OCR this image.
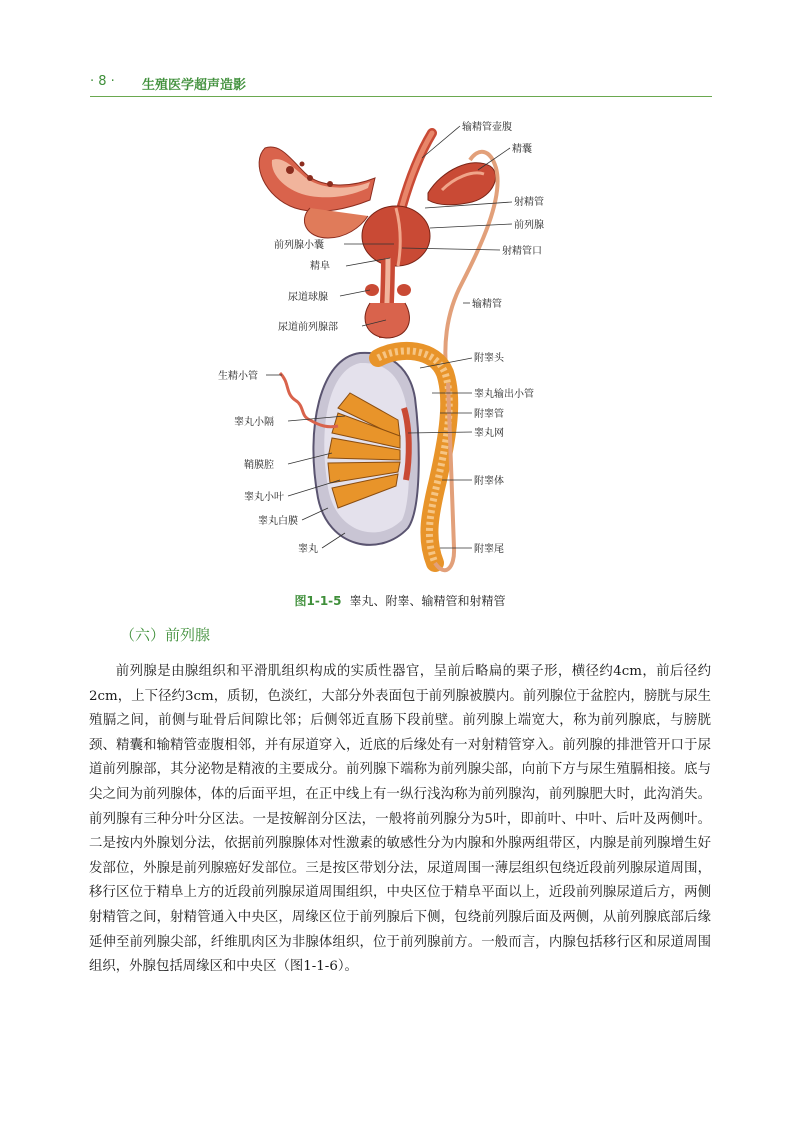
· 8 · 生殖医学超声造影
输精管壶腹
精囊
射精管
前列腺
射精管口
前列腺小囊
精阜
尿道球腺
尿道前列腺部
输精管
附睾头
睾丸输出小管
生精小管
附睾管
睾丸网
睾丸小隔
鞘膜腔
附睾体
睾丸小叶
睾丸白膜
睾丸	附睾尾
图1-1-5 睾丸、附睾、输精管和射精管
（六）前列腺
前列腺是由腺组织和平滑肌组织构成的实质性器官，呈前后略扁的栗子形，横径约4cm，前后径约2cm，上下径约3cm，质韧，色淡红，大部分外表面包于前列腺被膜内。前列腺位于盆腔内，膀胱与尿生殖膈之间，前侧与耻骨后间隙比邻；后侧邻近直肠下段前壁。前列腺上端宽大，称为前列腺底，与膀胱颈、精囊和输精管壶腹相邻，并有尿道穿入，近底的后缘处有一对射精管穿入。前列腺的排泄管开口于尿道前列腺部，其分泌物是精液的主要成分。前列腺下端称为前列腺尖部，向前下方与尿生殖膈相接。底与尖之间为前列腺体，体的后面平坦，在正中线上有一纵行浅沟称为前列腺沟，前列腺肥大时，此沟消失。前列腺有三种分叶分区法。一是按解剖分区法，一般将前列腺分为5叶，即前叶、中叶、后叶及两侧叶。二是按内外腺划分法，依据前列腺腺体对性激素的敏感性分为内腺和外腺两组带区，内腺是前列腺增生好发部位，外腺是前列腺癌好发部位。三是按区带划分法，尿道周围一薄层组织包绕近段前列腺尿道周围，移行区位于精阜上方的近段前列腺尿道周围组织，中央区位于精阜平面以上，近段前列腺尿道后方，两侧射精管之间，射精管通入中央区，周缘区位于前列腺后下侧，包绕前列腺后面及两侧，从前列腺底部后缘延伸至前列腺尖部，纤维肌肉区为非腺体组织，位于前列腺前方。一般而言，内腺包括移行区和尿道周围组织，外腺包括周缘区和中央区（图1-1-6）。
